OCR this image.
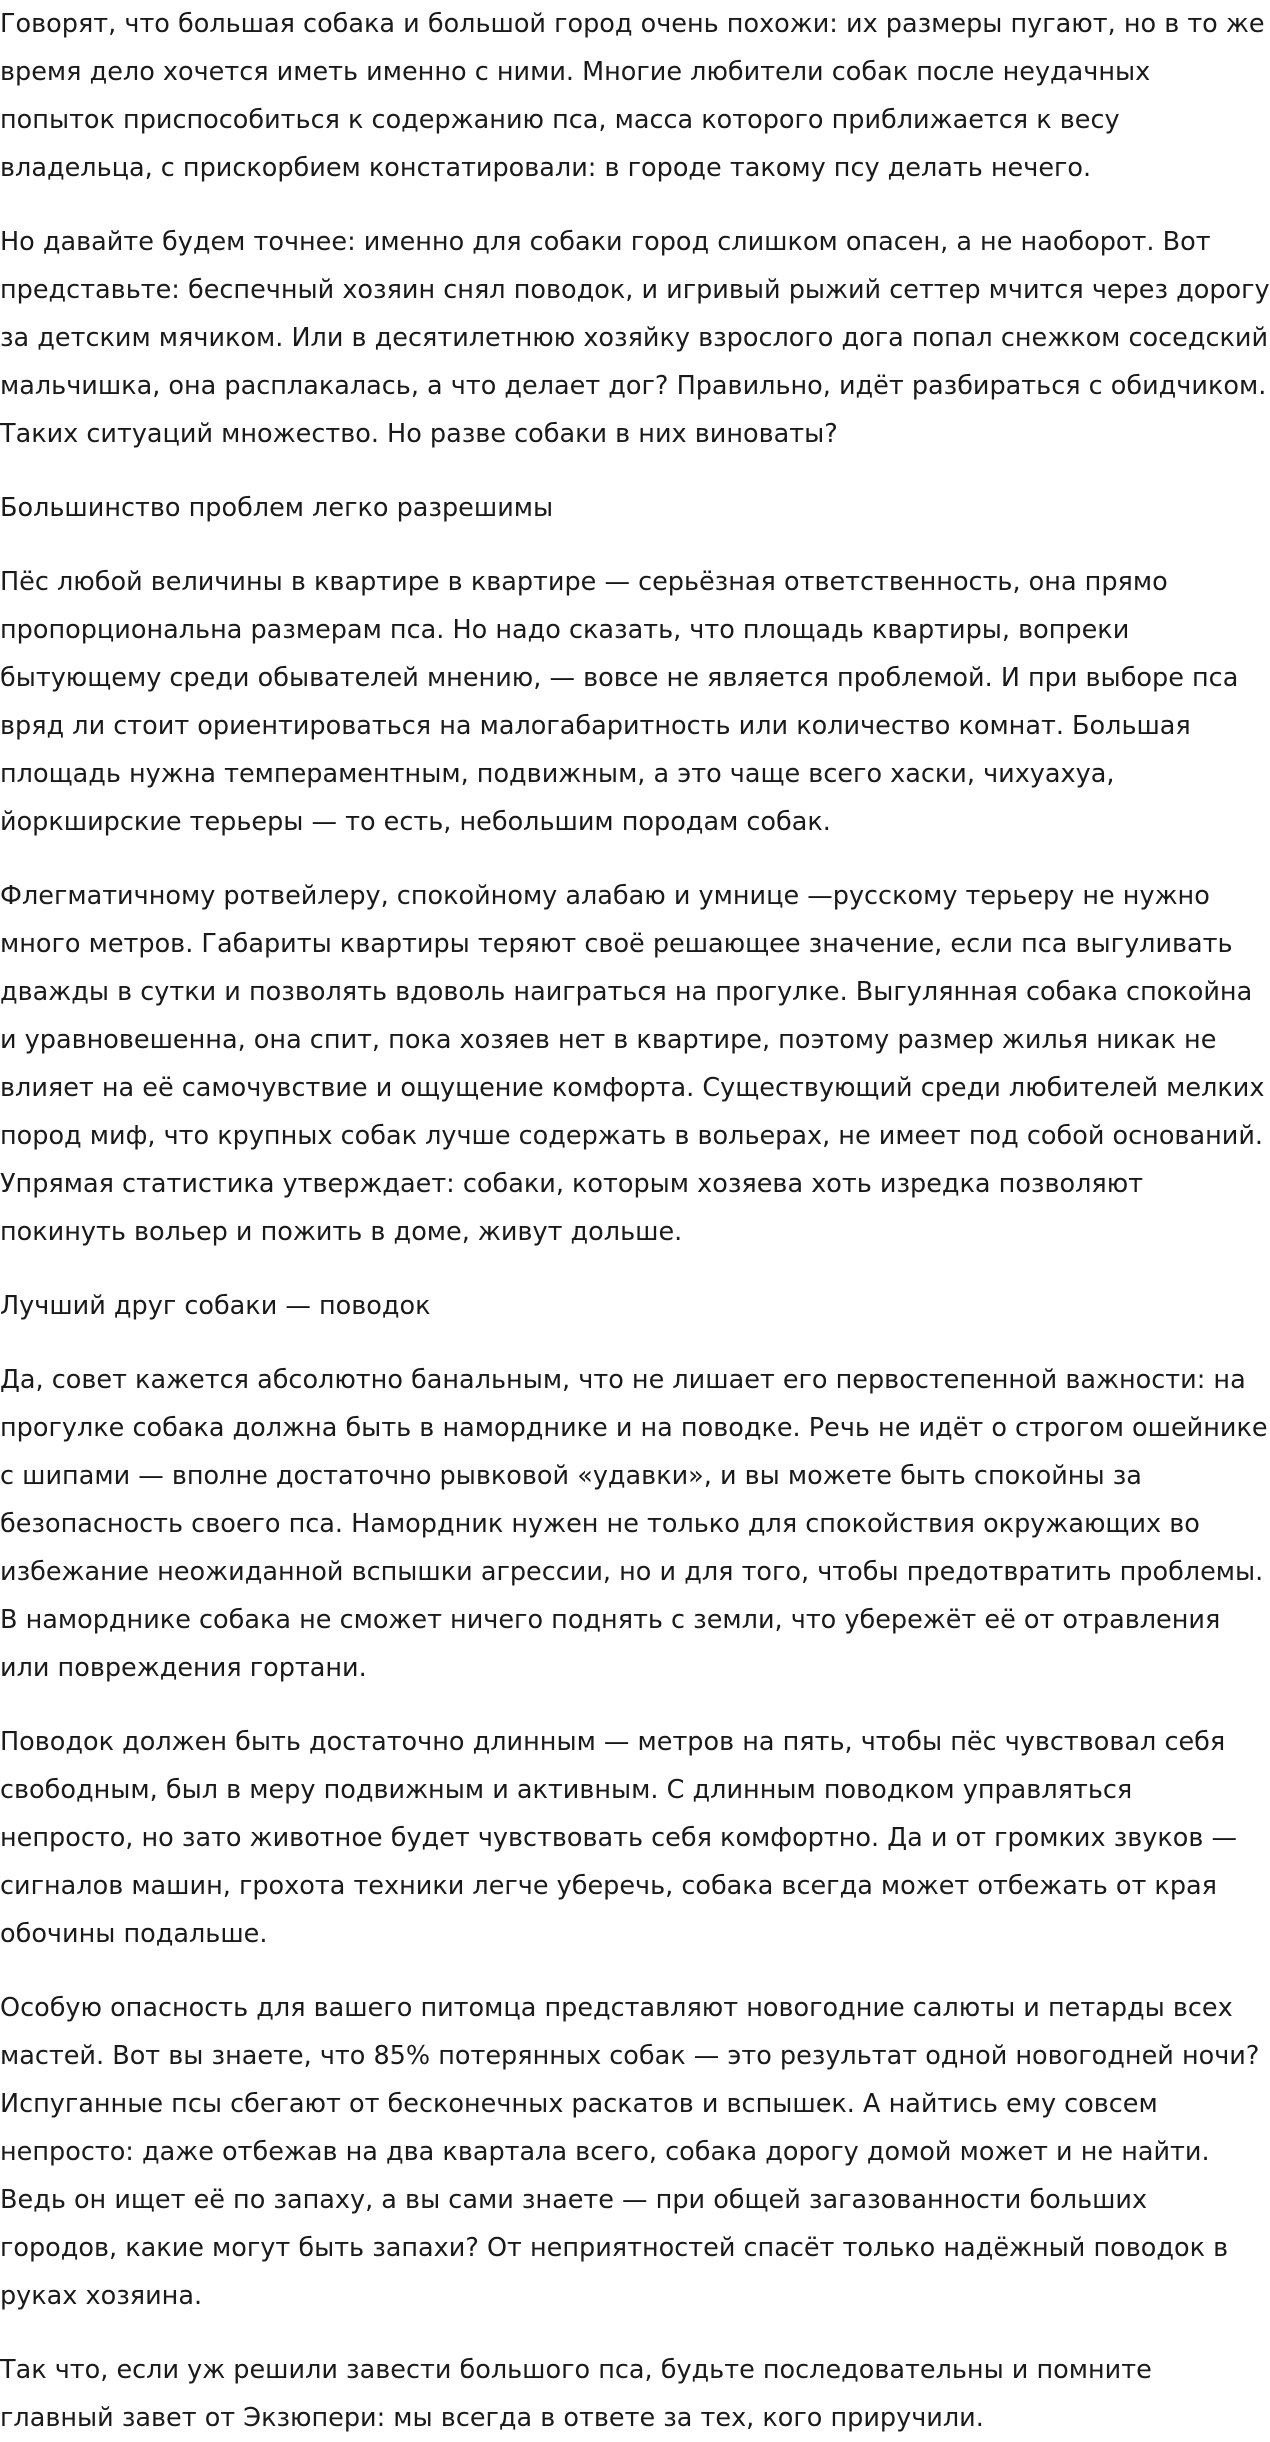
Говорят, что большая собака и большой город очень похожи: их размеры пугают, но в то же время дело хочется иметь именно с ними. Многие любители собак после неудачных попыток приспособиться к содержанию пса, масса которого приближается к весу владельца, с прискорбием констатировали: в городе такому псу делать нечего.

Но давайте будем точнее: именно для собаки город слишком опасен, а не наоборот. Вот представьте: беспечный хозяин снял поводок, и игривый рыжий сеттер мчится через дорогу за детским мячиком. Или в десятилетнюю хозяйку взрослого дога попал снежком соседский мальчишка, она расплакалась, а что делает дог? Правильно, идёт разбираться с обидчиком. Таких ситуаций множество. Но разве собаки в них виноваты?

Большинство проблем легко разрешимы

Пёс любой величины в квартире в квартире — серьёзная ответственность, она прямо пропорциональна размерам пса. Но надо сказать, что площадь квартиры, вопреки бытующему среди обывателей мнению, — вовсе не является проблемой. И при выборе пса вряд ли стоит ориентироваться на малогабаритность или количество комнат. Большая площадь нужна темпераментным, подвижным, а это чаще всего хаски, чихуахуа, йоркширские терьеры — то есть, небольшим породам собак.

Флегматичному ротвейлеру, спокойному алабаю и умнице —русскому терьеру не нужно много метров. Габариты квартиры теряют своё решающее значение, если пса выгуливать дважды в сутки и позволять вдоволь наиграться на прогулке. Выгулянная собака спокойна и уравновешенна, она спит, пока хозяев нет в квартире, поэтому размер жилья никак не влияет на её самочувствие и ощущение комфорта. Существующий среди любителей мелких пород миф, что крупных собак лучше содержать в вольерах, не имеет под собой оснований. Упрямая статистика утверждает: собаки, которым хозяева хоть изредка позволяют покинуть вольер и пожить в доме, живут дольше.

Лучший друг собаки — поводок

Да, совет кажется абсолютно банальным, что не лишает его первостепенной важности: на прогулке собака должна быть в наморднике и на поводке. Речь не идёт о строгом ошейнике с шипами — вполне достаточно рывковой «удавки», и вы можете быть спокойны за безопасность своего пса. Намордник нужен не только для спокойствия окружающих во избежание неожиданной вспышки агрессии, но и для того, чтобы предотвратить проблемы. В наморднике собака не сможет ничего поднять с земли, что убережёт её от отравления или повреждения гортани.

Поводок должен быть достаточно длинным — метров на пять, чтобы пёс чувствовал себя свободным, был в меру подвижным и активным. С длинным поводком управляться непросто, но зато животное будет чувствовать себя комфортно. Да и от громких звуков — сигналов машин, грохота техники легче уберечь, собака всегда может отбежать от края обочины подальше.

Особую опасность для вашего питомца представляют новогодние салюты и петарды всех мастей. Вот вы знаете, что 85% потерянных собак — это результат одной новогодней ночи? Испуганные псы сбегают от бесконечных раскатов и вспышек. А найтись ему совсем непросто: даже отбежав на два квартала всего, собака дорогу домой может и не найти. Ведь он ищет её по запаху, а вы сами знаете — при общей загазованности больших городов, какие могут быть запахи? От неприятностей спасёт только надёжный поводок в руках хозяина.

Так что, если уж решили завести большого пса, будьте последовательны и помните главный завет от Экзюпери: мы всегда в ответе за тех, кого приручили.
